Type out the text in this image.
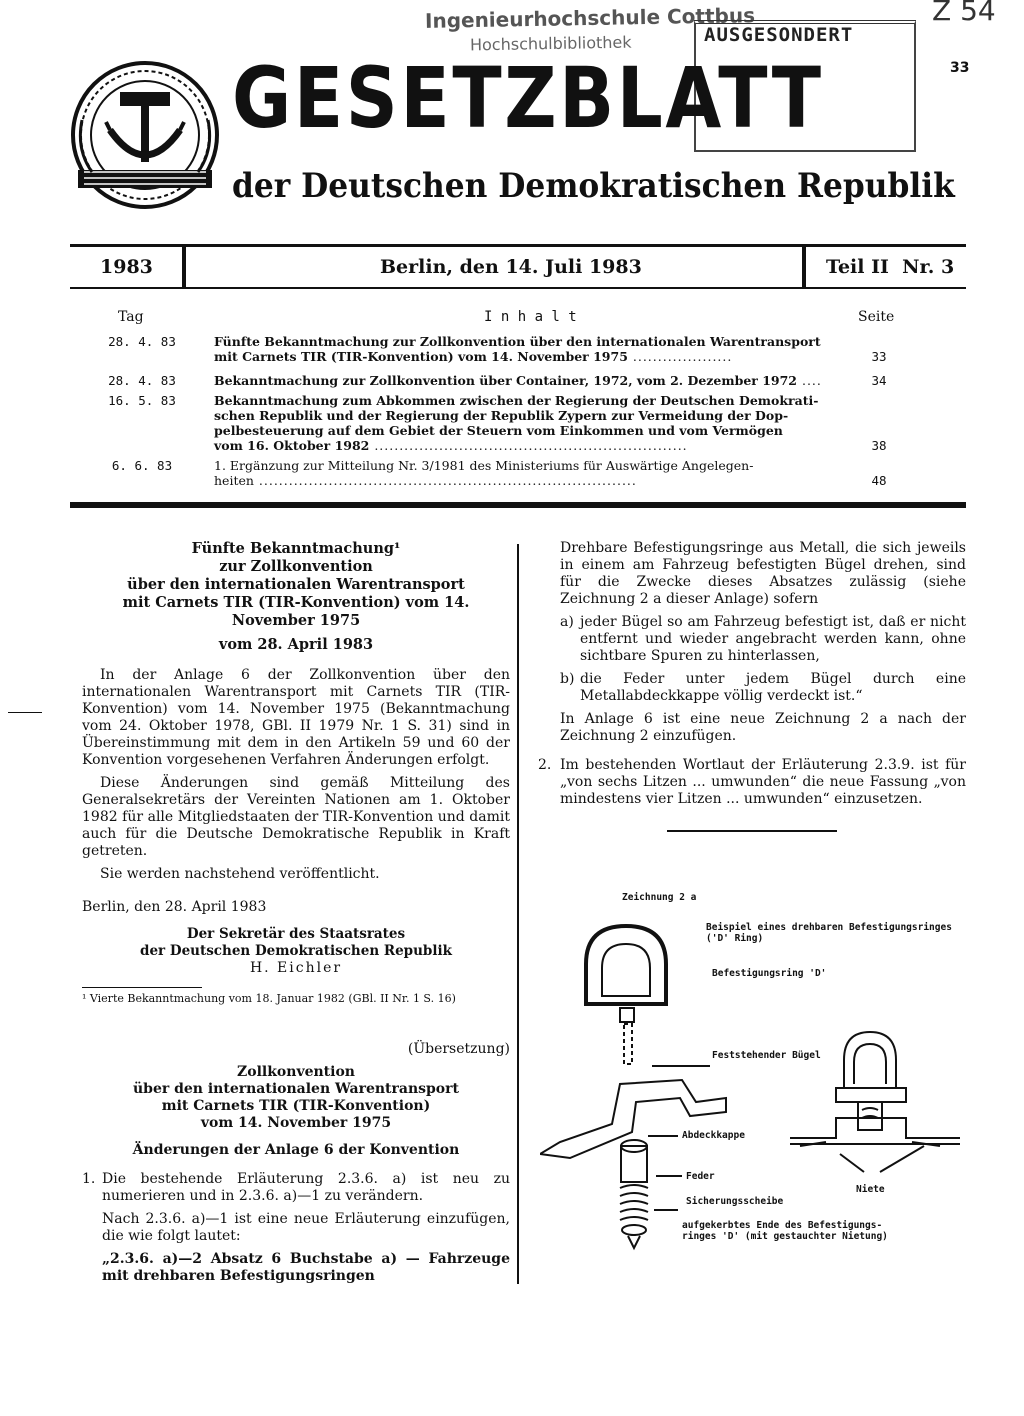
Ingenieurhochschule Cottbus
Hochschulbibliothek	AUSGESONDERT
Z 54
33
GESETZBLATT
der Deutschen Demokratischen Republik
1983	Berlin, den 14. Juli 1983	Teil II  Nr. 3
Tag	I n h a l t	Seite
28. 4. 83	Fünfte Bekanntmachung zur Zollkonvention über den internationalen Warentransport
mit Carnets TIR (TIR-Konvention) vom 14. November 1975 ....................	33
28. 4. 83	Bekanntmachung zur Zollkonvention über Container, 1972, vom 2. Dezember 1972 ....	34
16. 5. 83	Bekanntmachung zum Abkommen zwischen der Regierung der Deutschen Demokrati-
schen Republik und der Regierung der Republik Zypern zur Vermeidung der Dop-
pelbesteuerung auf dem Gebiet der Steuern vom Einkommen und vom Vermögen
vom 16. Oktober 1982 ...............................................................	38
6. 6. 83	1. Ergänzung zur Mitteilung Nr. 3/1981 des Ministeriums für Auswärtige Angelegen-
heiten ............................................................................	48
Fünfte Bekanntmachung¹
zur Zollkonvention
über den internationalen Warentransport
mit Carnets TIR (TIR-Konvention) vom 14. November 1975
vom 28. April 1983

In der Anlage 6 der Zollkonvention über den internationalen Warentransport mit Carnets TIR (TIR-Konvention) vom 14. November 1975 (Bekanntmachung vom 24. Oktober 1978, GBl. II 1979 Nr. 1 S. 31) sind in Übereinstimmung mit dem in den Artikeln 59 und 60 der Konvention vorgesehenen Verfahren Änderungen erfolgt.

Diese Änderungen sind gemäß Mitteilung des Generalsekretärs der Vereinten Nationen am 1. Oktober 1982 für alle Mitgliedstaaten der TIR-Konvention und damit auch für die Deutsche Demokratische Republik in Kraft getreten.

Sie werden nachstehend veröffentlicht.

Berlin, den 28. April 1983

Der Sekretär des Staatsrates
der Deutschen Demokratischen Republik
H. Eichler
¹ Vierte Bekanntmachung vom 18. Januar 1982 (GBl. II Nr. 1 S. 16)
(Übersetzung)
Zollkonvention
über den internationalen Warentransport
mit Carnets TIR (TIR-Konvention)
vom 14. November 1975
Änderungen der Anlage 6 der Konvention
1. Die bestehende Erläuterung 2.3.6. a) ist neu zu numerieren und in 2.3.6. a)—1 zu verändern.

Nach 2.3.6. a)—1 ist eine neue Erläuterung einzufügen, die wie folgt lautet:

„2.3.6. a)—2 Absatz 6 Buchstabe a) — Fahrzeuge mit drehbaren Befestigungsringen

Drehbare Befestigungsringe aus Metall, die sich jeweils in einem am Fahrzeug befestigten Bügel drehen, sind für die Zwecke dieses Absatzes zulässig (siehe Zeichnung 2 a dieser Anlage) sofern

a) jeder Bügel so am Fahrzeug befestigt ist, daß er nicht entfernt und wieder angebracht werden kann, ohne sichtbare Spuren zu hinterlassen,

b) die Feder unter jedem Bügel durch eine Metallabdeckkappe völlig verdeckt ist.“

In Anlage 6 ist eine neue Zeichnung 2 a nach der Zeichnung 2 einzufügen.

2. Im bestehenden Wortlaut der Erläuterung 2.3.9. ist für „von sechs Litzen ... umwunden“ die neue Fassung „von mindestens vier Litzen ... umwunden“ einzusetzen.

Zeichnung 2 a
Beispiel eines drehbaren Befestigungsringes
('D' Ring)
Befestigungsring 'D'
Feststehender Bügel
Abdeckkappe
Feder
Sicherungsscheibe
aufgekerbtes Ende des Befestigungs-
ringes 'D' (mit gestauchter Nietung)
Niete
